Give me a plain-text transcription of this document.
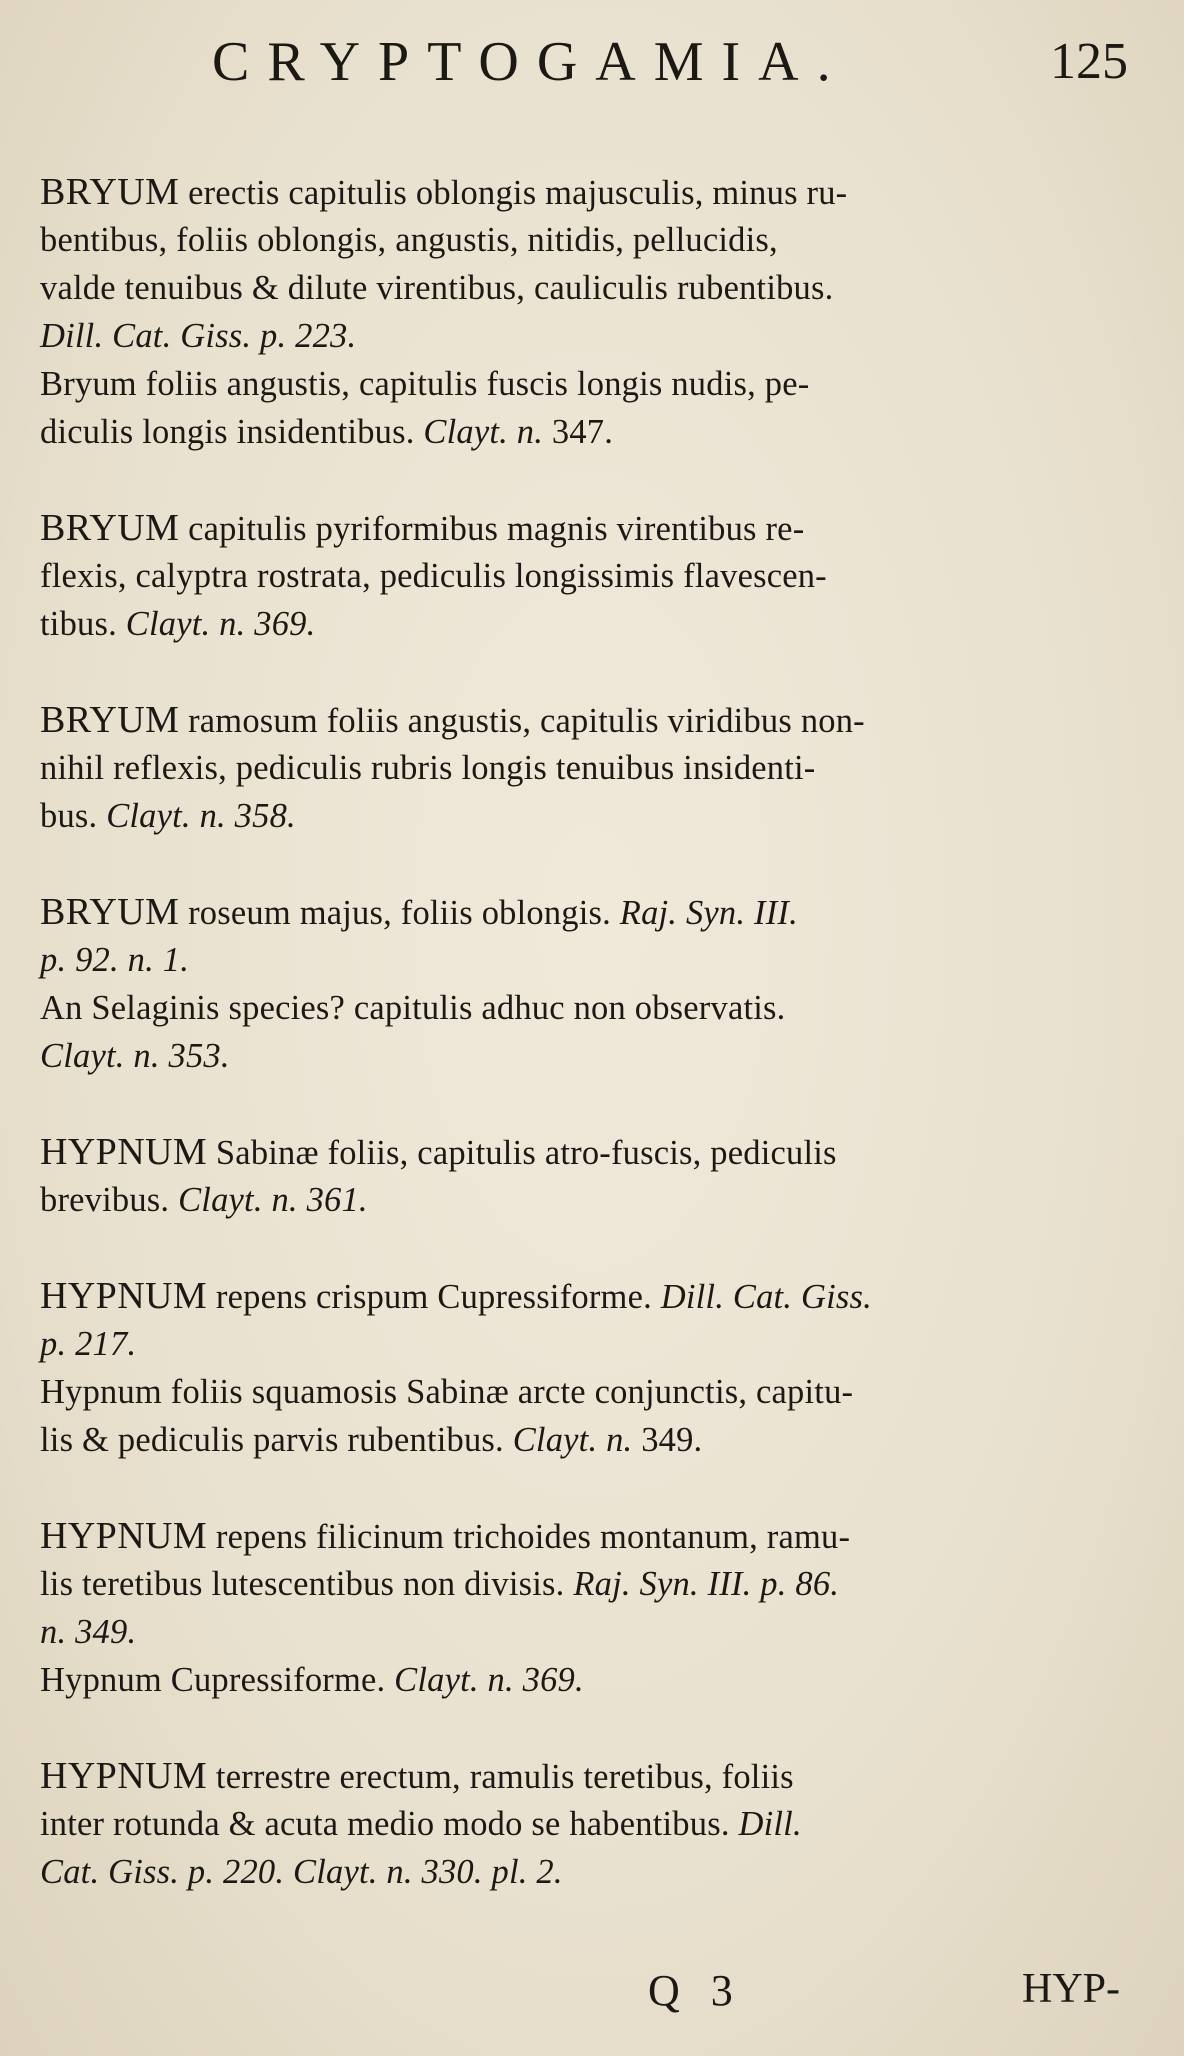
CRYPTOGAMIA.	125
BRYUM erectis capitulis oblongis majusculis, minus ru-
bentibus, foliis oblongis, angustis, nitidis, pellucidis,
valde tenuibus & dilute virentibus, cauliculis rubentibus.
Dill. Cat. Giss. p. 223.
Bryum foliis angustis, capitulis fuscis longis nudis, pe-
diculis longis insidentibus. Clayt. n. 347.
BRYUM capitulis pyriformibus magnis virentibus re-
flexis, calyptra rostrata, pediculis longissimis flavescen-
tibus. Clayt. n. 369.
BRYUM ramosum foliis angustis, capitulis viridibus non-
nihil reflexis, pediculis rubris longis tenuibus insidenti-
bus. Clayt. n. 358.
BRYUM roseum majus, foliis oblongis. Raj. Syn. III.
p. 92. n. 1.
An Selaginis species? capitulis adhuc non observatis.
Clayt. n. 353.
HYPNUM Sabinæ foliis, capitulis atro-fuscis, pediculis
brevibus. Clayt. n. 361.
HYPNUM repens crispum Cupressiforme. Dill. Cat. Giss.
p. 217.
Hypnum foliis squamosis Sabinæ arcte conjunctis, capitu-
lis & pediculis parvis rubentibus. Clayt. n. 349.
HYPNUM repens filicinum trichoides montanum, ramu-
lis teretibus lutescentibus non divisis. Raj. Syn. III. p. 86.
n. 349.
Hypnum Cupressiforme. Clayt. n. 369.
HYPNUM terrestre erectum, ramulis teretibus, foliis
inter rotunda & acuta medio modo se habentibus. Dill.
Cat. Giss. p. 220. Clayt. n. 330. pl. 2.
Q 3	HYP-
